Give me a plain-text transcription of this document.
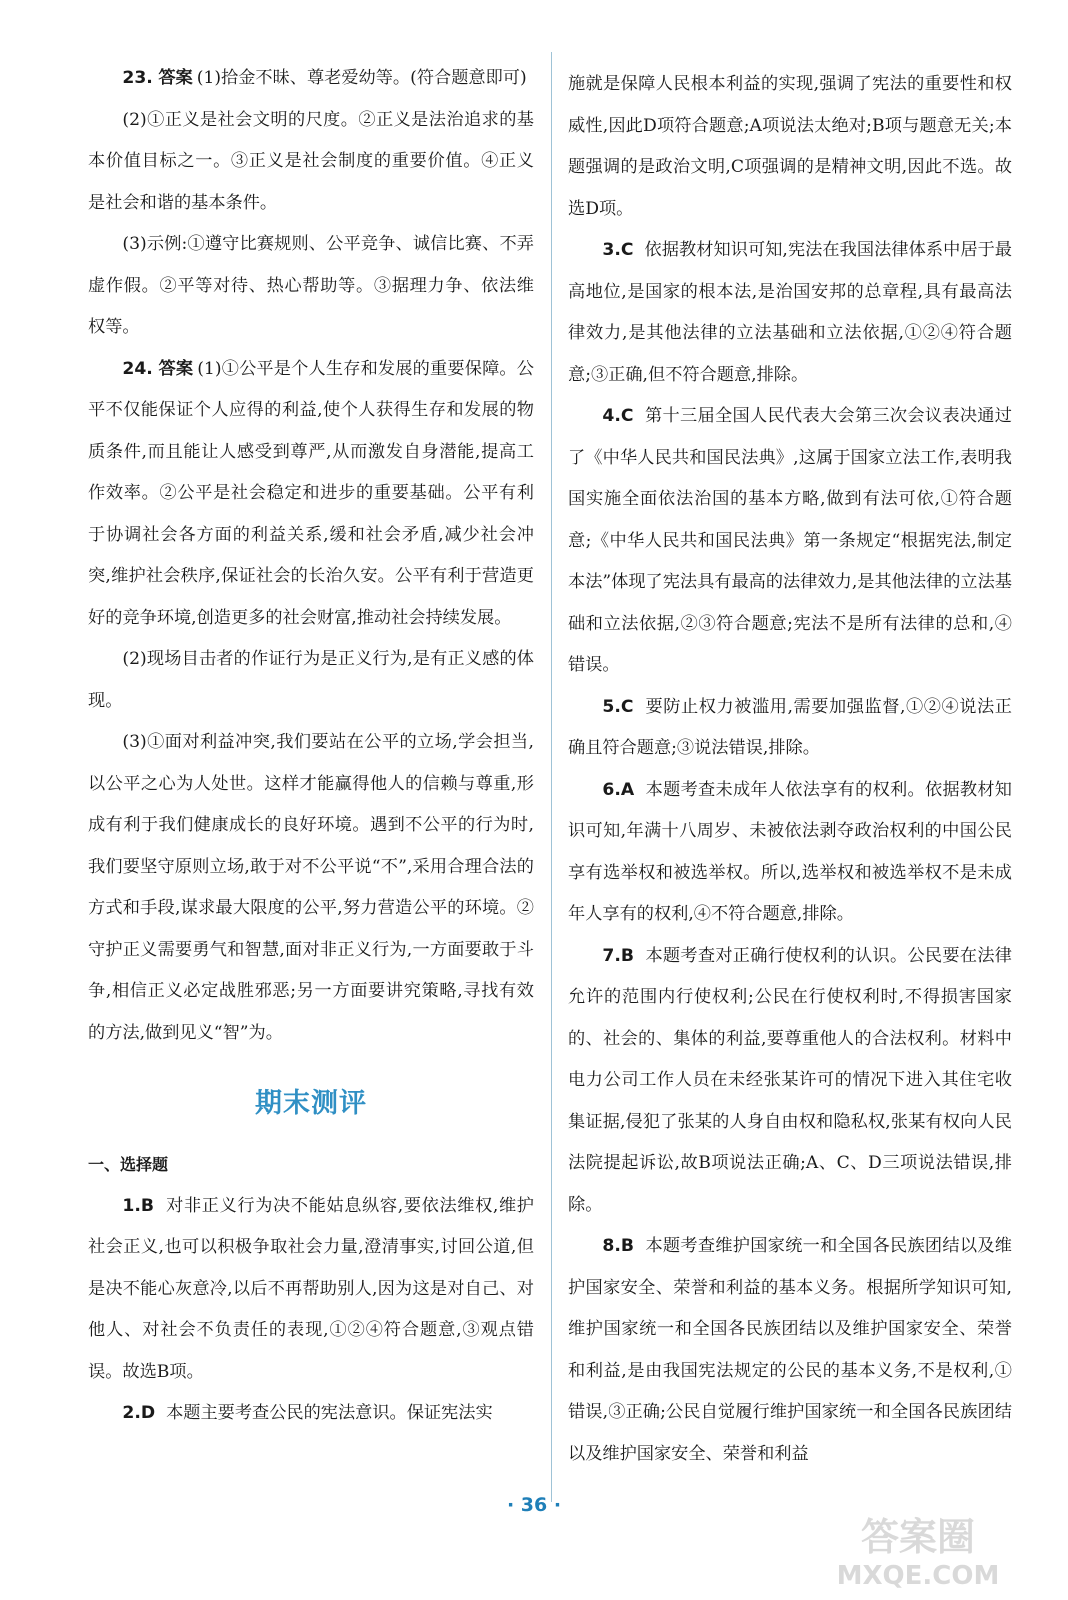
23. 答案 (1)拾金不昧、尊老爱幼等。(符合题意即可)

(2)①正义是社会文明的尺度。②正义是法治追求的基本价值目标之一。③正义是社会制度的重要价值。④正义是社会和谐的基本条件。

(3)示例:①遵守比赛规则、公平竞争、诚信比赛、不弄虚作假。②平等对待、热心帮助等。③据理力争、依法维权等。

24. 答案 (1)①公平是个人生存和发展的重要保障。公平不仅能保证个人应得的利益,使个人获得生存和发展的物质条件,而且能让人感受到尊严,从而激发自身潜能,提高工作效率。②公平是社会稳定和进步的重要基础。公平有利于协调社会各方面的利益关系,缓和社会矛盾,减少社会冲突,维护社会秩序,保证社会的长治久安。公平有利于营造更好的竞争环境,创造更多的社会财富,推动社会持续发展。

(2)现场目击者的作证行为是正义行为,是有正义感的体现。

(3)①面对利益冲突,我们要站在公平的立场,学会担当,以公平之心为人处世。这样才能赢得他人的信赖与尊重,形成有利于我们健康成长的良好环境。遇到不公平的行为时,我们要坚守原则立场,敢于对不公平说“不”,采用合理合法的方式和手段,谋求最大限度的公平,努力营造公平的环境。②守护正义需要勇气和智慧,面对非正义行为,一方面要敢于斗争,相信正义必定战胜邪恶;另一方面要讲究策略,寻找有效的方法,做到见义“智”为。

期末测评

一、选择题

1.B 对非正义行为决不能姑息纵容,要依法维权,维护社会正义,也可以积极争取社会力量,澄清事实,讨回公道,但是决不能心灰意冷,以后不再帮助别人,因为这是对自己、对他人、对社会不负责任的表现,①②④符合题意,③观点错误。故选B项。

2.D 本题主要考查公民的宪法意识。保证宪法实

施就是保障人民根本利益的实现,强调了宪法的重要性和权威性,因此D项符合题意;A项说法太绝对;B项与题意无关;本题强调的是政治文明,C项强调的是精神文明,因此不选。故选D项。

3.C 依据教材知识可知,宪法在我国法律体系中居于最高地位,是国家的根本法,是治国安邦的总章程,具有最高法律效力,是其他法律的立法基础和立法依据,①②④符合题意;③正确,但不符合题意,排除。

4.C 第十三届全国人民代表大会第三次会议表决通过了《中华人民共和国民法典》,这属于国家立法工作,表明我国实施全面依法治国的基本方略,做到有法可依,①符合题意;《中华人民共和国民法典》第一条规定“根据宪法,制定本法”体现了宪法具有最高的法律效力,是其他法律的立法基础和立法依据,②③符合题意;宪法不是所有法律的总和,④错误。

5.C 要防止权力被滥用,需要加强监督,①②④说法正确且符合题意;③说法错误,排除。

6.A 本题考查未成年人依法享有的权利。依据教材知识可知,年满十八周岁、未被依法剥夺政治权利的中国公民享有选举权和被选举权。所以,选举权和被选举权不是未成年人享有的权利,④不符合题意,排除。

7.B 本题考查对正确行使权利的认识。公民要在法律允许的范围内行使权利;公民在行使权利时,不得损害国家的、社会的、集体的利益,要尊重他人的合法权利。材料中电力公司工作人员在未经张某许可的情况下进入其住宅收集证据,侵犯了张某的人身自由权和隐私权,张某有权向人民法院提起诉讼,故B项说法正确;A、C、D三项说法错误,排除。

8.B 本题考查维护国家统一和全国各民族团结以及维护国家安全、荣誉和利益的基本义务。根据所学知识可知,维护国家统一和全国各民族团结以及维护国家安全、荣誉和利益,是由我国宪法规定的公民的基本义务,不是权利,①错误,③正确;公民自觉履行维护国家统一和全国各民族团结以及维护国家安全、荣誉和利益

· 36 ·
答案圈
MXQE.COM
